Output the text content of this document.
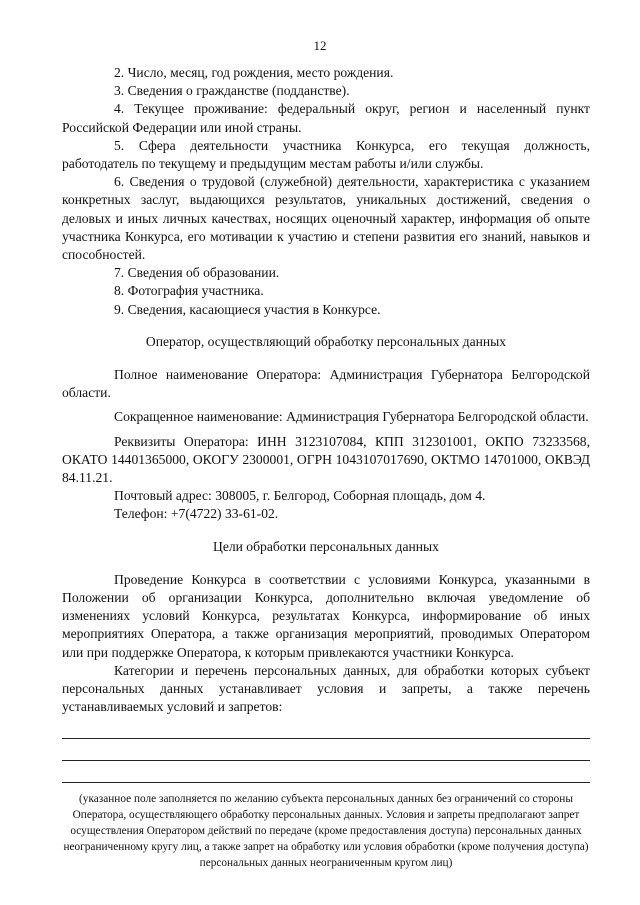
12

2. Число, месяц, год рождения, место рождения.

3. Сведения о гражданстве (подданстве).

4. Текущее проживание: федеральный округ, регион и населенный пункт Российской Федерации или иной страны.

5. Сфера деятельности участника Конкурса, его текущая должность, работодатель по текущему и предыдущим местам работы и/или службы.

6. Сведения о трудовой (служебной) деятельности, характеристика с указанием конкретных заслуг, выдающихся результатов, уникальных достижений, сведения о деловых и иных личных качествах, носящих оценочный характер, информация об опыте участника Конкурса, его мотивации к участию и степени развития его знаний, навыков и способностей.

7. Сведения об образовании.

8. Фотография участника.

9. Сведения, касающиеся участия в Конкурсе.

Оператор, осуществляющий обработку персональных данных

Полное наименование Оператора: Администрация Губернатора Белгородской области.

Сокращенное наименование: Администрация Губернатора Белгородской области.

Реквизиты Оператора: ИНН 3123107084, КПП 312301001, ОКПО 73233568, ОКАТО 14401365000, ОКОГУ 2300001, ОГРН 1043107017690, ОКТМО 14701000, ОКВЭД 84.11.21.

Почтовый адрес: 308005, г. Белгород, Соборная площадь, дом 4.

Телефон: +7(4722) 33-61-02.

Цели обработки персональных данных

Проведение Конкурса в соответствии с условиями Конкурса, указанными в Положении об организации Конкурса, дополнительно включая уведомление об изменениях условий Конкурса, результатах Конкурса, информирование об иных мероприятиях Оператора, а также организация мероприятий, проводимых Оператором или при поддержке Оператора, к которым привлекаются участники Конкурса.

Категории и перечень персональных данных, для обработки которых субъект персональных данных устанавливает условия и запреты, а также перечень устанавливаемых условий и запретов:

(указанное поле заполняется по желанию субъекта персональных данных без ограничений со стороны Оператора, осуществляющего обработку персональных данных. Условия и запреты предполагают запрет осуществления Оператором действий по передаче (кроме предоставления доступа) персональных данных неограниченному кругу лиц, а также запрет на обработку или условия обработки (кроме получения доступа) персональных данных неограниченным кругом лиц)
